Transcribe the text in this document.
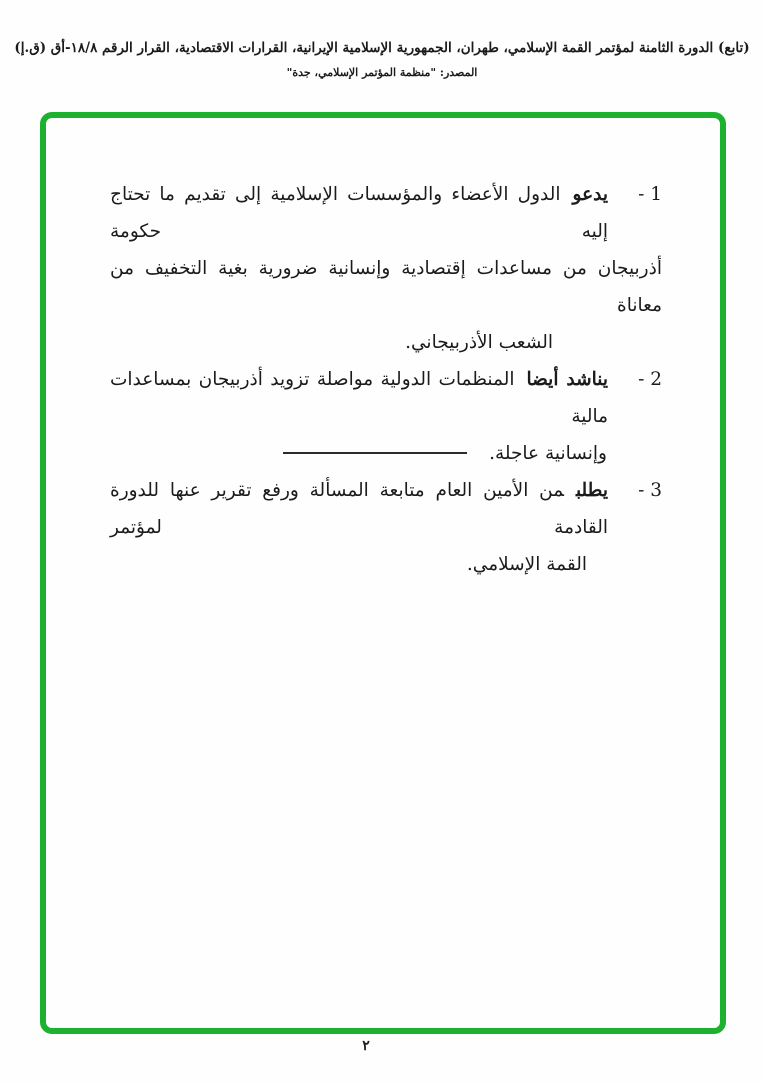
(تابع) الدورة الثامنة لمؤتمر القمة الإسلامي، طهران، الجمهورية الإسلامية الإيرانية، القرارات الاقتصادية، القرار الرقم ١٨/٨-أق (ق.إ)
المصدر: "منظمة المؤتمر الإسلامي، جدة"
1 -
يدعوالدول الأعضاء والمؤسسات الإسلامية إلى تقديم ما تحتاج إليه حكومة
أذربيجان من مساعدات إقتصادية وإنسانية ضرورية بغية التخفيف من معاناة
الشعب الأذربيجاني.
2 -
يناشد أيضاالمنظمات الدولية مواصلة تزويد أذربيجان بمساعدات مالية
وإنسانية عاجلة.
3 -
يطلبمن الأمين العام متابعة المسألة ورفع تقرير عنها للدورة القادمة لمؤتمر
القمة الإسلامي.
٢
